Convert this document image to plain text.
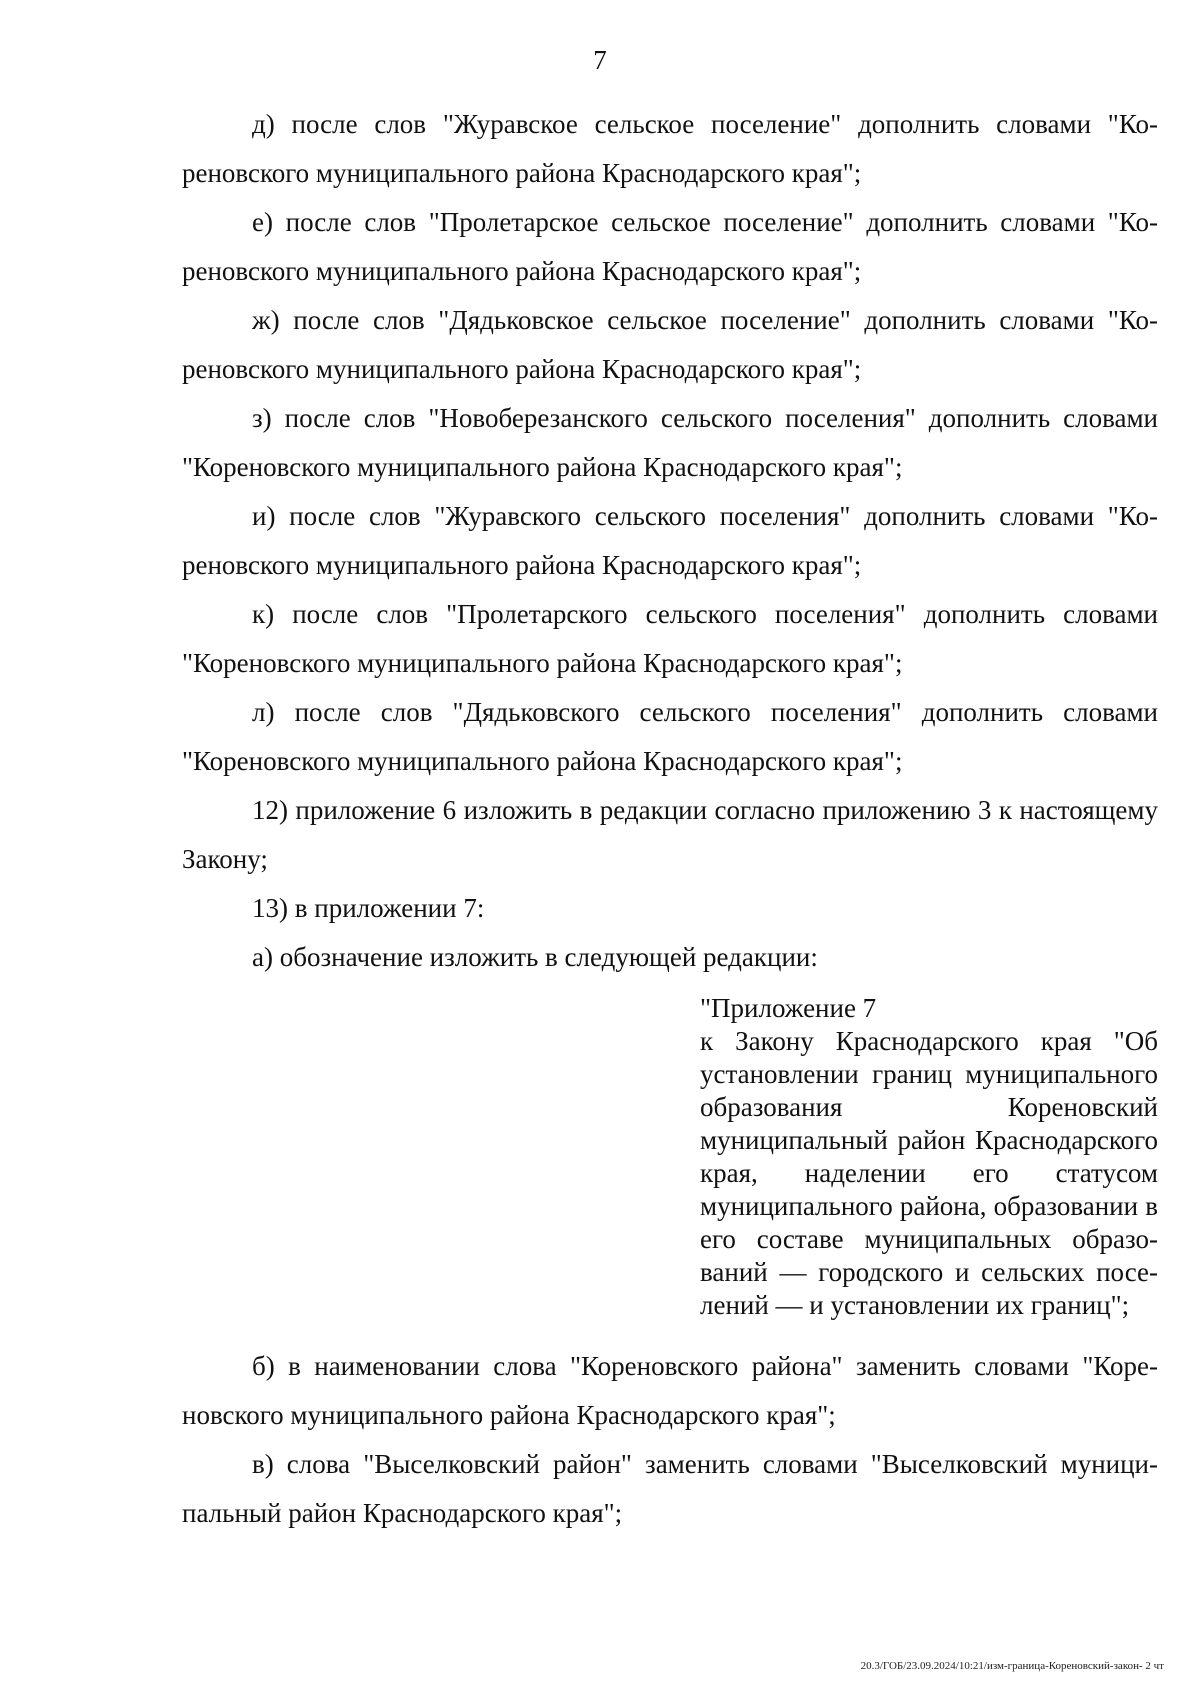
7

д) после слов "Журавское сельское поселение" дополнить словами "Кореновского муниципального района Краснодарского края";

е) после слов "Пролетарское сельское поселение" дополнить словами "Кореновского муниципального района Краснодарского края";

ж) после слов "Дядьковское сельское поселение" дополнить словами "Кореновского муниципального района Краснодарского края";

з) после слов "Новоберезанского сельского поселения" дополнить словами "Кореновского муниципального района Краснодарского края";

и) после слов "Журавского сельского поселения" дополнить словами "Кореновского муниципального района Краснодарского края";

к) после слов "Пролетарского сельского поселения" дополнить словами "Кореновского муниципального района Краснодарского края";

л) после слов "Дядьковского сельского поселения" дополнить словами "Кореновского муниципального района Краснодарского края";

12) приложение 6 изложить в редакции согласно приложению 3 к настоящему Закону;

13) в приложении 7:

а) обозначение изложить в следующей редакции:

"Приложение 7
к Закону Краснодарского края "Об установлении границ муниципального образования Кореновский муниципальный район Краснодарского края, наделении его статусом муниципального района, образовании в его составе муниципальных образований — городского и сельских поселений — и установлении их границ";

б) в наименовании слова "Кореновского района" заменить словами "Кореновского муниципального района Краснодарского края";

в) слова "Выселковский район" заменить словами "Выселковский муниципальный район Краснодарского края";

20.3/ГОБ/23.09.2024/10:21/изм-граница-Кореновский-закон- 2 чт
